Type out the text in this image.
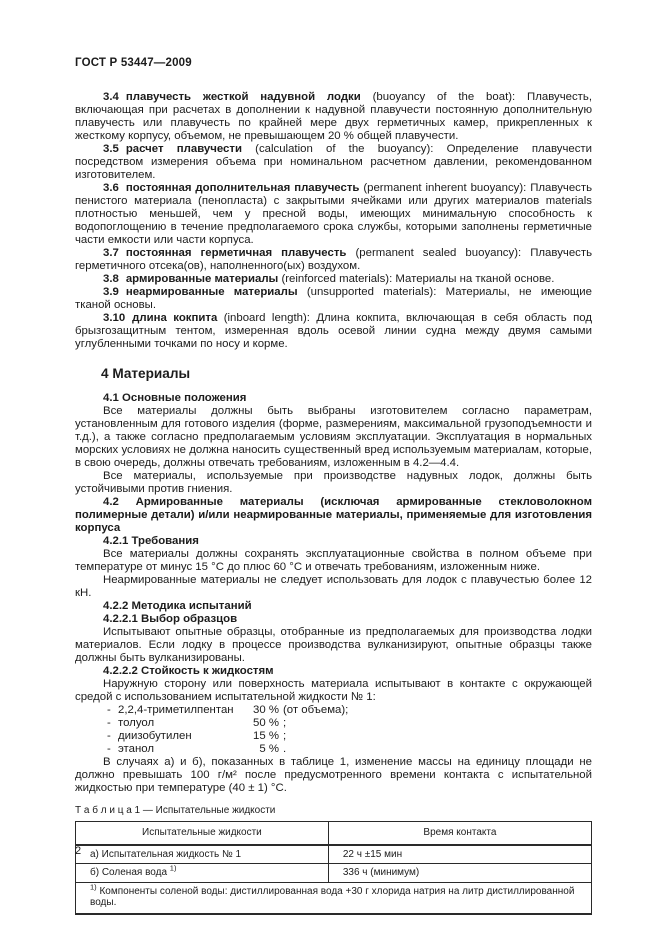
ГОСТ Р 53447—2009

3.4 плавучесть жесткой надувной лодки (buoyancy of the boat): Плавучесть, включающая при расчетах в дополнении к надувной плавучести постоянную дополнительную плавучесть или плавучесть по крайней мере двух герметичных камер, прикрепленных к жесткому корпусу, объемом, не превышающем 20 % общей плавучести.

3.5 расчет плавучести (calculation of the buoyancy): Определение плавучести посредством измерения объема при номинальном расчетном давлении, рекомендованном изготовителем.

3.6 постоянная дополнительная плавучесть (permanent inherent buoyancy): Плавучесть пенистого материала (пенопласта) с закрытыми ячейками или других материалов materials плотностью меньшей, чем у пресной воды, имеющих минимальную способность к водопоглощению в течение предполагаемого срока службы, которыми заполнены герметичные части емкости или части корпуса.

3.7 постоянная герметичная плавучесть (permanent sealed buoyancy): Плавучесть герметичного отсека(ов), наполненного(ых) воздухом.

3.8 армированные материалы (reinforced materials): Материалы на тканой основе.

3.9 неармированные материалы (unsupported materials): Материалы, не имеющие тканой основы.

3.10 длина кокпита (inboard length): Длина кокпита, включающая в себя область под брызгозащитным тентом, измеренная вдоль осевой линии судна между двумя самыми углубленными точками по носу и корме.

4 Материалы
4.1 Основные положения

Все материалы должны быть выбраны изготовителем согласно параметрам, установленным для готового изделия (форме, размерениям, максимальной грузоподъемности и т.д.), а также согласно предполагаемым условиям эксплуатации. Эксплуатация в нормальных морских условиях не должна наносить существенный вред используемым материалам, которые, в свою очередь, должны отвечать требованиям, изложенным в 4.2—4.4.

Все материалы, используемые при производстве надувных лодок, должны быть устойчивыми против гниения.

4.2 Армированные материалы (исключая армированные стекловолокном полимерные детали) и/или неармированные материалы, применяемые для изготовления корпуса
4.2.1 Требования

Все материалы должны сохранять эксплуатационные свойства в полном объеме при температуре от минус 15 °С до плюс 60 °С и отвечать требованиям, изложенным ниже.

Неармированные материалы не следует использовать для лодок с плавучестью более 12 кН.

4.2.2 Методика испытаний
4.2.2.1 Выбор образцов

Испытывают опытные образцы, отобранные из предполагаемых для производства лодки материалов. Если лодку в процессе производства вулканизируют, опытные образцы также должны быть вулканизированы.

4.2.2.2 Стойкость к жидкостям

Наружную сторону или поверхность материала испытывают в контакте с окружающей средой с использованием испытательной жидкости № 1:

- 2,2,4-триметилпентан 30 % (от объема);
- толуол	50 % ;
- диизобутилен	15 % ;
- этанол	5 % .

В случаях а) и б), показанных в таблице 1, изменение массы на единицу площади не должно превышать 100 г/м² после предусмотренного времени контакта с испытательной жидкостью при температуре (40 ± 1) °С.

Т а б л и ц а 1 — Испытательные жидкости
Испытательные жидкости	Время контакта
а) Испытательная жидкость № 1	22 ч ±15 мин
б) Соленая вода $^{1)}$	336 ч (минимум)
$^{1)}$ Компоненты соленой воды: дистиллированная вода +30 г хлорида натрия на литр дистиллированной воды.	
2
